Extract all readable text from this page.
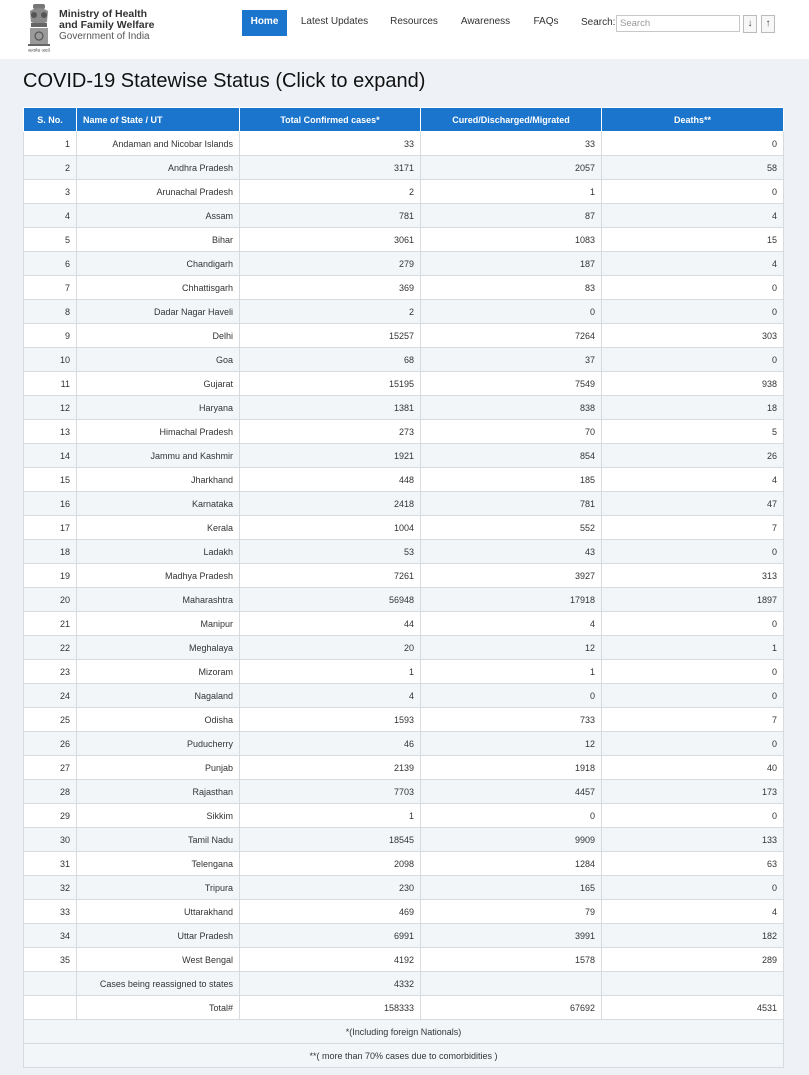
सत्यमेव जयते
Ministry of Health
and Family Welfare
Government of India
Home	Latest Updates	Resources	Awareness	FAQs	Search:
Search	↓	↑
COVID-19 Statewise Status (Click to expand)
S. No.	Name of State / UT	Total Confirmed cases*	Cured/Discharged/Migrated	Deaths**
1	Andaman and Nicobar Islands	33	33	0
2	Andhra Pradesh	3171	2057	58
3	Arunachal Pradesh	2	1	0
4	Assam	781	87	4
5	Bihar	3061	1083	15
6	Chandigarh	279	187	4
7	Chhattisgarh	369	83	0
8	Dadar Nagar Haveli	2	0	0
9	Delhi	15257	7264	303
10	Goa	68	37	0
11	Gujarat	15195	7549	938
12	Haryana	1381	838	18
13	Himachal Pradesh	273	70	5
14	Jammu and Kashmir	1921	854	26
15	Jharkhand	448	185	4
16	Karnataka	2418	781	47
17	Kerala	1004	552	7
18	Ladakh	53	43	0
19	Madhya Pradesh	7261	3927	313
20	Maharashtra	56948	17918	1897
21	Manipur	44	4	0
22	Meghalaya	20	12	1
23	Mizoram	1	1	0
24	Nagaland	4	0	0
25	Odisha	1593	733	7
26	Puducherry	46	12	0
27	Punjab	2139	1918	40
28	Rajasthan	7703	4457	173
29	Sikkim	1	0	0
30	Tamil Nadu	18545	9909	133
31	Telengana	2098	1284	63
32	Tripura	230	165	0
33	Uttarakhand	469	79	4
34	Uttar Pradesh	6991	3991	182
35	West Bengal	4192	1578	289
	Cases being reassigned to states	4332		
	Total#	158333	67692	4531
*(Including foreign Nationals)				
**( more than 70% cases due to comorbidities )				
